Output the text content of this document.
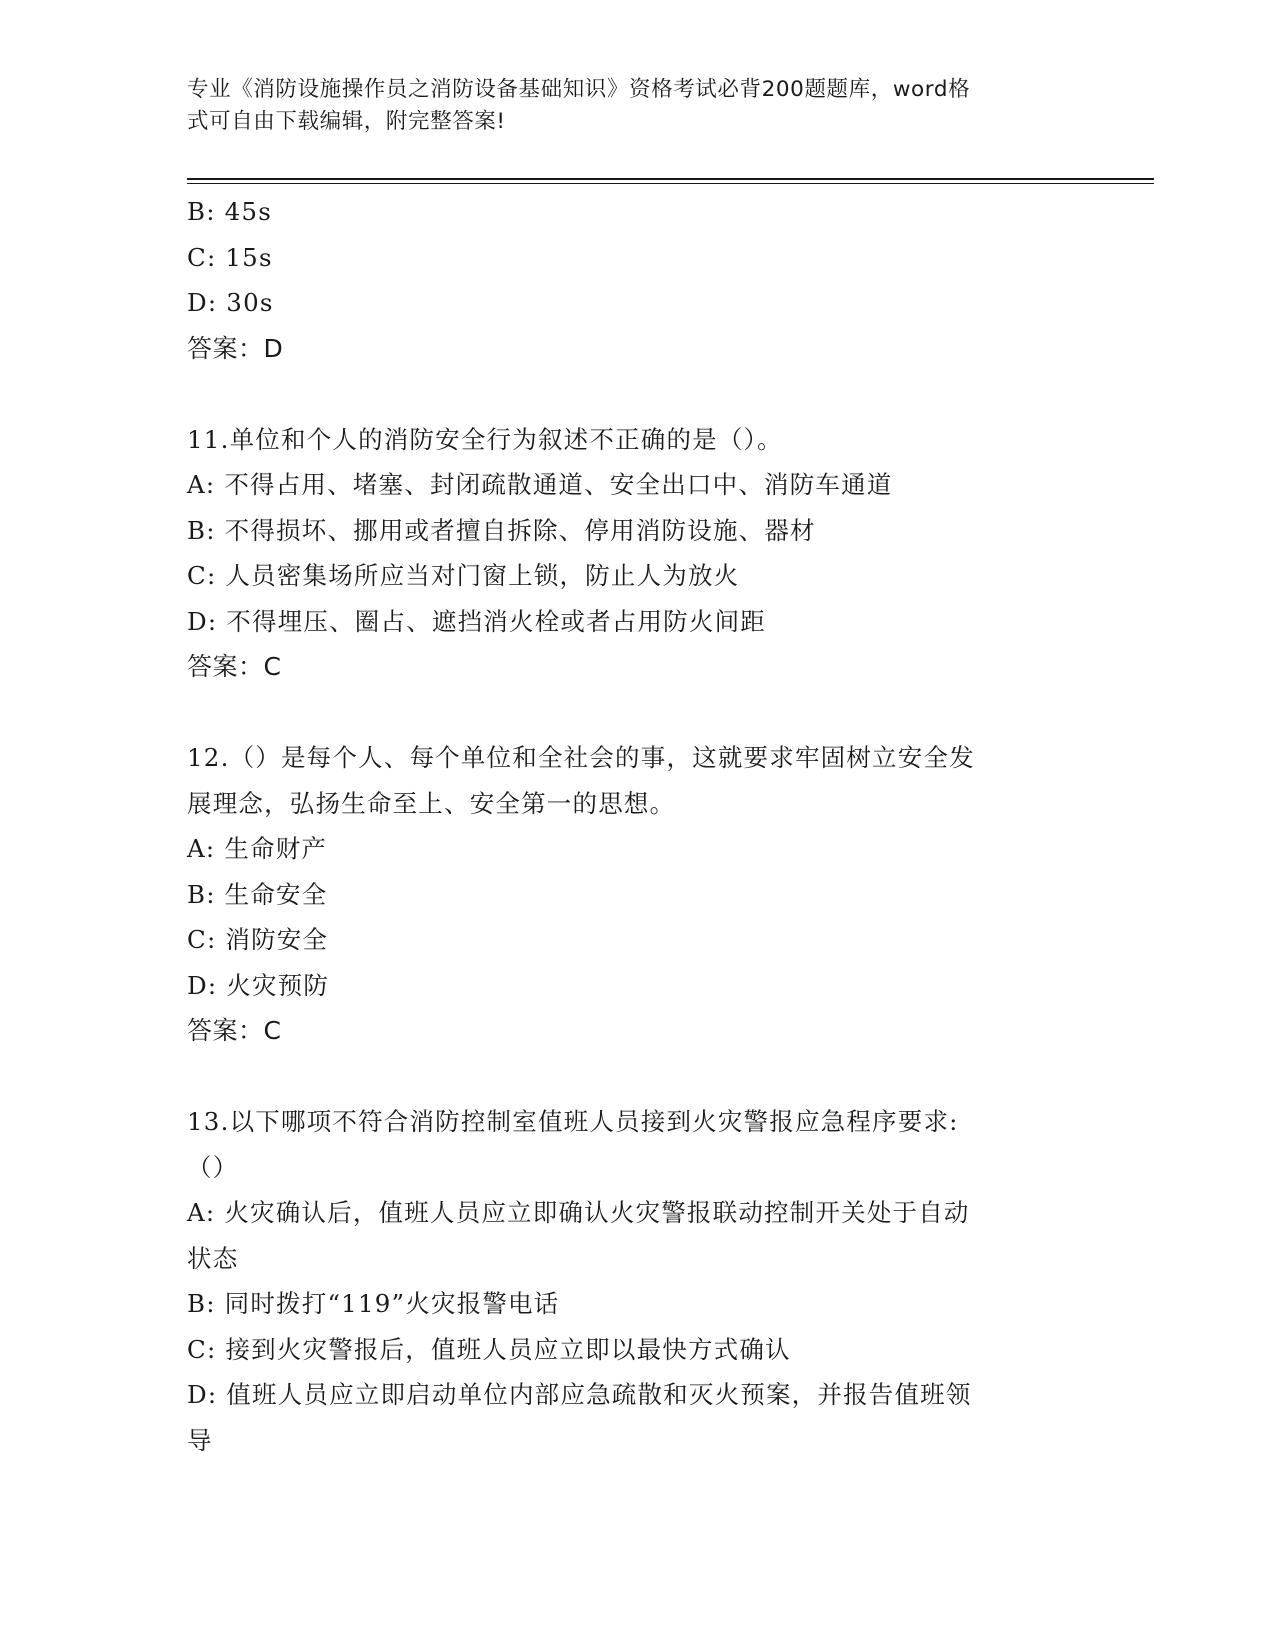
专业《消防设施操作员之消防设备基础知识》资格考试必背200题题库，word格
式可自由下载编辑，附完整答案!
B: 45s
C: 15s
D: 30s
答案：D
11.单位和个人的消防安全行为叙述不正确的是（）。
A: 不得占用、堵塞、封闭疏散通道、安全出口中、消防车通道
B: 不得损坏、挪用或者擅自拆除、停用消防设施、器材
C: 人员密集场所应当对门窗上锁，防止人为放火
D: 不得埋压、圈占、遮挡消火栓或者占用防火间距
答案：C
12.（）是每个人、每个单位和全社会的事，这就要求牢固树立安全发
展理念，弘扬生命至上、安全第一的思想。
A: 生命财产
B: 生命安全
C: 消防安全
D: 火灾预防
答案：C
13.以下哪项不符合消防控制室值班人员接到火灾警报应急程序要求:
（）
A: 火灾确认后，值班人员应立即确认火灾警报联动控制开关处于自动
状态
B: 同时拨打“119”火灾报警电话
C: 接到火灾警报后，值班人员应立即以最快方式确认
D: 值班人员应立即启动单位内部应急疏散和灭火预案，并报告值班领
导
